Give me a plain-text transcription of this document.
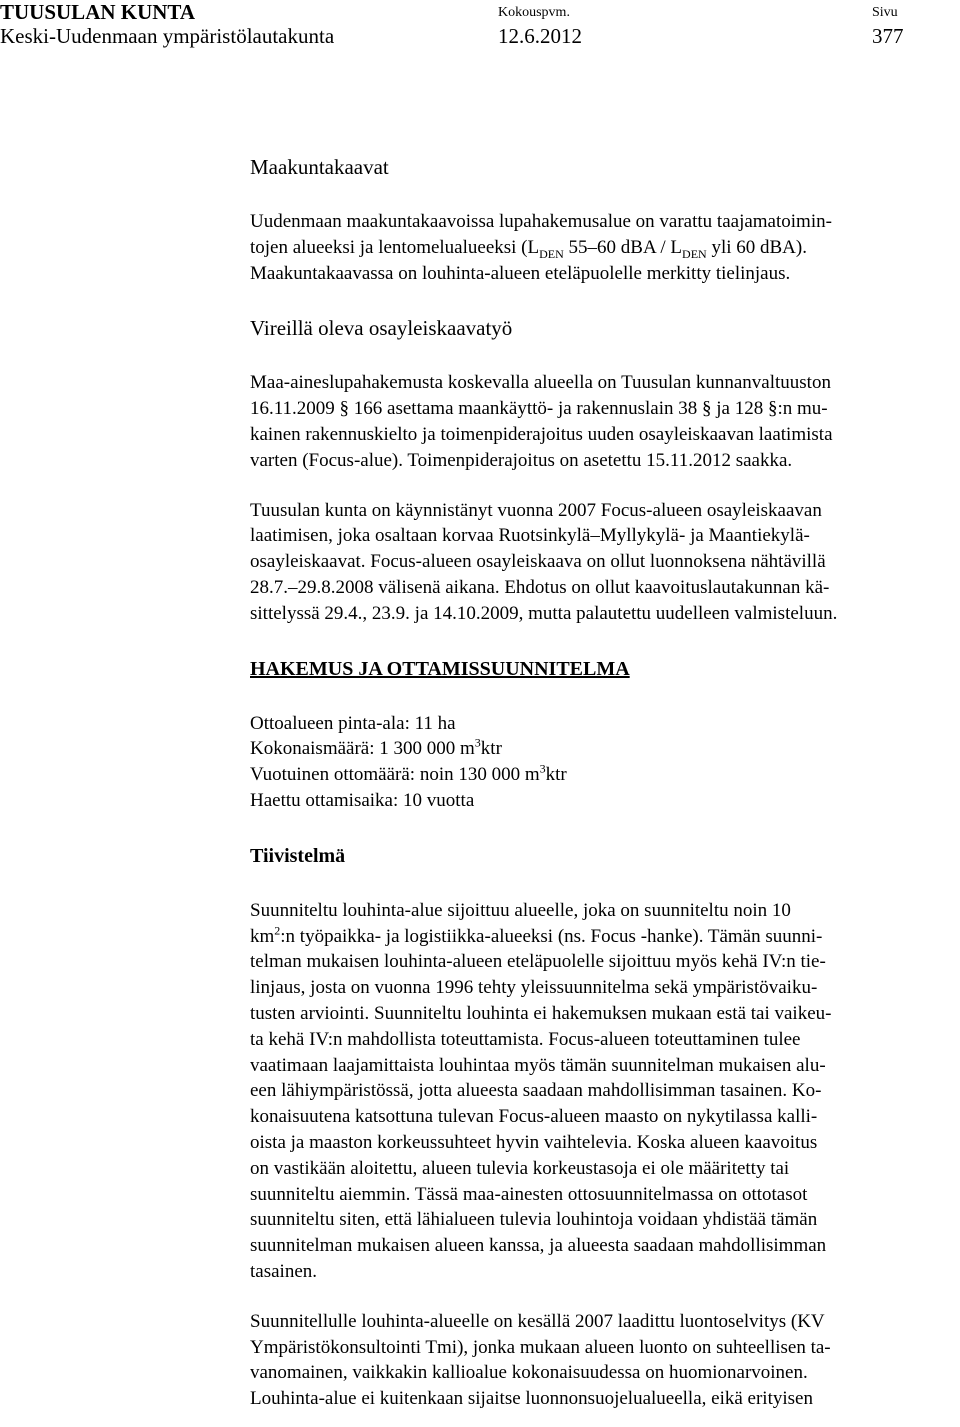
TUUSULAN KUNTA
Keski-Uudenmaan ympäristölautakunta
Kokouspvm.
12.6.2012
Sivu
377
Maakuntakaavat

Uudenmaan maakuntakaavoissa lupahakemusalue on varattu taajamatoimin-
tojen alueeksi ja lentomelualueeksi ($L_{DEN}$ 55–60 dBA / $L_{DEN}$ yli 60 dBA).
Maakuntakaavassa on louhinta-alueen eteläpuolelle merkitty tielinjaus.

Vireillä oleva osayleiskaavatyö

Maa-aineslupahakemusta koskevalla alueella on Tuusulan kunnanvaltuuston
16.11.2009 § 166 asettama maankäyttö- ja rakennuslain 38 § ja 128 §:n mu-
kainen rakennuskielto ja toimenpiderajoitus uuden osayleiskaavan laatimista
varten (Focus-alue). Toimenpiderajoitus on asetettu 15.11.2012 saakka.

Tuusulan kunta on käynnistänyt vuonna 2007 Focus-alueen osayleiskaavan
laatimisen, joka osaltaan korvaa Ruotsinkylä–Myllykylä- ja Maantiekylä-
osayleiskaavat. Focus-alueen osayleiskaava on ollut luonnoksena nähtävillä
28.7.–29.8.2008 välisenä aikana. Ehdotus on ollut kaavoituslautakunnan kä-
sittelyssä 29.4., 23.9. ja 14.10.2009, mutta palautettu uudelleen valmisteluun.

HAKEMUS JA OTTAMISSUUNNITELMA
Ottoalueen pinta-ala: 11 ha
Kokonaismäärä: 1 300 000 $m^3ktr$
Vuotuinen ottomäärä: noin 130 000 $m^3ktr$
Haettu ottamisaika: 10 vuotta
Tiivistelmä

Suunniteltu louhinta-alue sijoittuu alueelle, joka on suunniteltu noin 10
$km^2:n$ työpaikka- ja logistiikka-alueeksi (ns. Focus -hanke). Tämän suunni-
telman mukaisen louhinta-alueen eteläpuolelle sijoittuu myös kehä IV:n tie-
linjaus, josta on vuonna 1996 tehty yleissuunnitelma sekä ympäristövaiku-
tusten arviointi. Suunniteltu louhinta ei hakemuksen mukaan estä tai vaikeu-
ta kehä IV:n mahdollista toteuttamista. Focus-alueen toteuttaminen tulee
vaatimaan laajamittaista louhintaa myös tämän suunnitelman mukaisen alu-
een lähiympäristössä, jotta alueesta saadaan mahdollisimman tasainen. Ko-
konaisuutena katsottuna tulevan Focus-alueen maasto on nykytilassa kalli-
oista ja maaston korkeussuhteet hyvin vaihtelevia. Koska alueen kaavoitus
on vastikään aloitettu, alueen tulevia korkeustasoja ei ole määritetty tai
suunniteltu aiemmin. Tässä maa-ainesten ottosuunnitelmassa on ottotasot
suunniteltu siten, että lähialueen tulevia louhintoja voidaan yhdistää tämän
suunnitelman mukaisen alueen kanssa, ja alueesta saadaan mahdollisimman
tasainen.

Suunnitellulle louhinta-alueelle on kesällä 2007 laadittu luontoselvitys (KV
Ympäristökonsultointi Tmi), jonka mukaan alueen luonto on suhteellisen ta-
vanomainen, vaikkakin kallioalue kokonaisuudessa on huomionarvoinen.
Louhinta-alue ei kuitenkaan sijaitse luonnonsuojelualueella, eikä erityisen
